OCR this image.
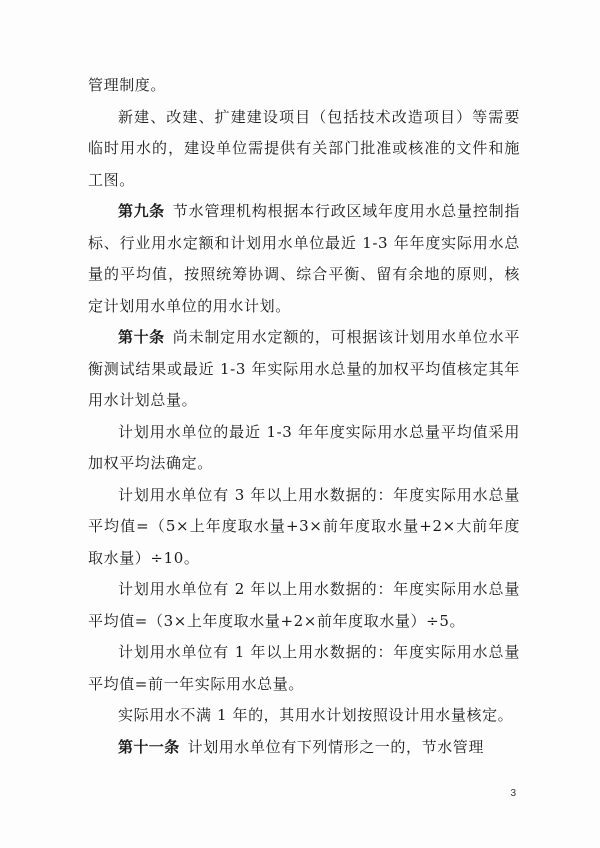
管理制度。

新建、改建、扩建建设项目（包括技术改造项目）等需要临时用水的，建设单位需提供有关部门批准或核准的文件和施工图。

第九条 节水管理机构根据本行政区域年度用水总量控制指标、行业用水定额和计划用水单位最近 1-3 年年度实际用水总量的平均值，按照统筹协调、综合平衡、留有余地的原则，核定计划用水单位的用水计划。

第十条 尚未制定用水定额的，可根据该计划用水单位水平衡测试结果或最近 1-3 年实际用水总量的加权平均值核定其年用水计划总量。

计划用水单位的最近 1-3 年年度实际用水总量平均值采用加权平均法确定。

计划用水单位有 3 年以上用水数据的：年度实际用水总量平均值=（5×上年度取水量+3×前年度取水量+2×大前年度取水量）÷10。

计划用水单位有 2 年以上用水数据的：年度实际用水总量平均值=（3×上年度取水量+2×前年度取水量）÷5。

计划用水单位有 1 年以上用水数据的：年度实际用水总量平均值=前一年实际用水总量。

实际用水不满 1 年的，其用水计划按照设计用水量核定。

第十一条 计划用水单位有下列情形之一的，节水管理

3
